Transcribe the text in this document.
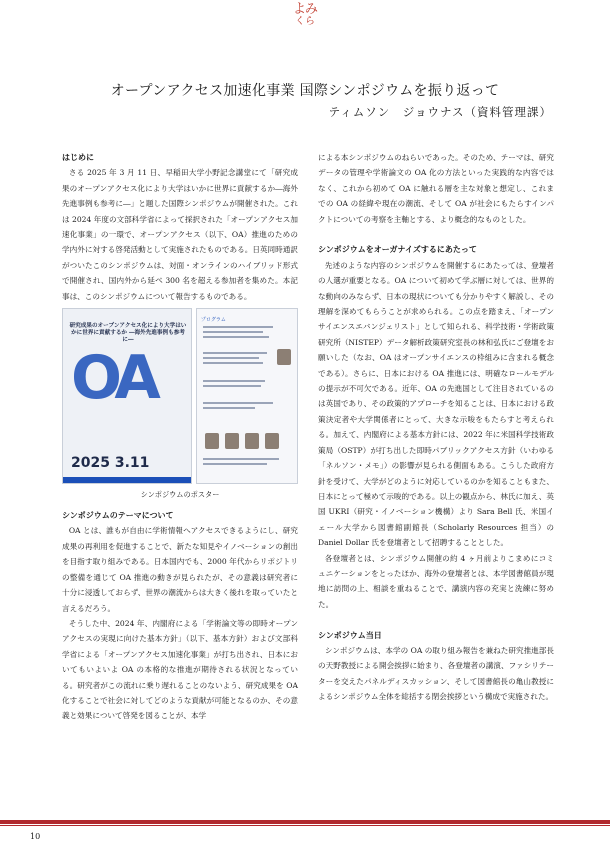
よみ
くら
オープンアクセス加速化事業 国際シンポジウムを振り返って
ティムソン　ジョウナス（資料管理課）
はじめに

さる 2025 年 3 月 11 日、早稲田大学小野記念講堂にて「研究成果のオープンアクセス化により大学はいかに世界に貢献するか―海外先進事例も参考に―」と題した国際シンポジウムが開催された。これは 2024 年度の文部科学省によって採択された「オープンアクセス加速化事業」の一環で、オープンアクセス（以下、OA）推進のための学内外に対する啓発活動として実施されたものである。日英同時通訳がついたこのシンポジウムは、対面・オンラインのハイブリッド形式で開催され、国内外から延べ 300 名を超える参加者を集めた。本記事は、このシンポジウムについて報告するものである。

研究成果のオープンアクセス化により大学はいかに世界に貢献するか ―海外先進事例も参考に―
OA
2025 3.11
プログラム
シンポジウムのポスター
シンポジウムのテーマについて

OA とは、誰もが自由に学術情報へアクセスできるようにし、研究成果の再利用を促進することで、新たな知見やイノベーションの創出を目指す取り組みである。日本国内でも、2000 年代からリポジトリの整備を通じて OA 推進の動きが見られたが、その意義は研究者に十分に浸透しておらず、世界の潮流からは大きく後れを取っていたと言えるだろう。

そうした中、2024 年、内閣府による「学術論文等の即時オープンアクセスの実現に向けた基本方針」（以下、基本方針）および文部科学省による「オープンアクセス加速化事業」が打ち出され、日本においてもいよいよ OA の本格的な推進が期待される状況となっている。研究者がこの流れに乗り遅れることのないよう、研究成果を OA 化することで社会に対してどのような貢献が可能となるのか、その意義と効果について啓発を図ることが、本学

による本シンポジウムのねらいであった。そのため、テーマは、研究データの管理や学術論文の OA 化の方法といった実践的な内容ではなく、これから初めて OA に触れる層を主な対象と想定し、これまでの OA の経緯や現在の潮流、そして OA が社会にもたらすインパクトについての考察を主軸とする、より概念的なものとした。

シンポジウムをオーガナイズするにあたって

先述のような内容のシンポジウムを開催するにあたっては、登壇者の人選が重要となる。OA について初めて学ぶ層に対しては、世界的な動向のみならず、日本の現状についても分かりやすく解説し、その理解を深めてもらうことが求められる。この点を踏まえ、「オープンサイエンスエバンジェリスト」として知られる、科学技術・学術政策研究所（NISTEP）データ解析政策研究室長の林和弘氏にご登壇をお願いした（なお、OA はオープンサイエンスの枠組みに含まれる概念である）。さらに、日本における OA 推進には、明確なロールモデルの提示が不可欠である。近年、OA の先進国として注目されているのは英国であり、その政策的アプローチを知ることは、日本における政策決定者や大学関係者にとって、大きな示唆をもたらすと考えられる。加えて、内閣府による基本方針には、2022 年に米国科学技術政策局（OSTP）が打ち出した即時パブリックアクセス方針（いわゆる「ネルソン・メモ」）の影響が見られる側面もある。こうした政府方針を受けて、大学がどのように対応しているのかを知ることもまた、日本にとって極めて示唆的である。以上の観点から、林氏に加え、英国 UKRI（研究・イノベーション機構）より Sara Bell 氏、米国イェール大学から図書館副館長（Scholarly Resources 担当）の Daniel Dollar 氏を登壇者として招聘することとした。

各登壇者とは、シンポジウム開催の約 4 ヶ月前よりこまめにコミュニケーションをとったほか、海外の登壇者とは、本学図書館員が現地に訪問の上、相談を重ねることで、講演内容の充実と洗練に努めた。

シンポジウム当日

シンポジウムは、本学の OA の取り組み報告を兼ねた研究推進部長の天野教授による開会挨拶に始まり、各登壇者の講演、ファシリテーターを交えたパネルディスカッション、そして図書館長の亀山教授によるシンポジウム全体を総括する閉会挨拶という構成で実施された。

10
